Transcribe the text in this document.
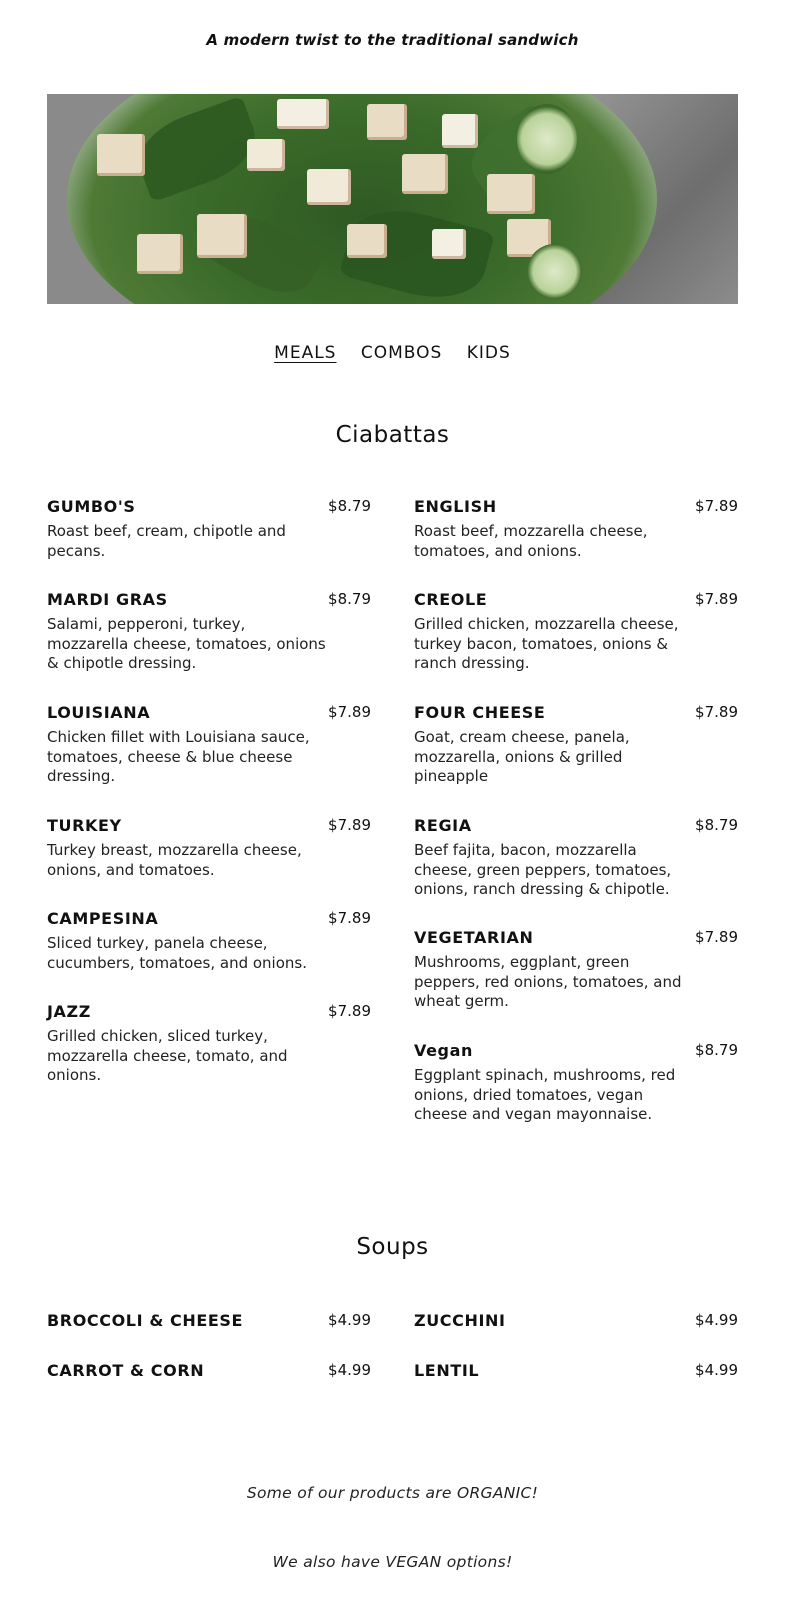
A modern twist to the traditional sandwich
MEALS COMBOS KIDS
Ciabattas
GUMBO'S	$8.79
Roast beef, cream, chipotle and pecans.
MARDI GRAS	$8.79
Salami, pepperoni, turkey, mozzarella cheese, tomatoes, onions & chipotle dressing.
LOUISIANA	$7.89
Chicken fillet with Louisiana sauce, tomatoes, cheese & blue cheese dressing.
TURKEY	$7.89
Turkey breast, mozzarella cheese, onions, and tomatoes.
CAMPESINA	$7.89
Sliced turkey, panela cheese, cucumbers, tomatoes, and onions.
JAZZ	$7.89
Grilled chicken, sliced turkey, mozzarella cheese, tomato, and onions.
ENGLISH	$7.89
Roast beef, mozzarella cheese, tomatoes, and onions.
CREOLE	$7.89
Grilled chicken, mozzarella cheese, turkey bacon, tomatoes, onions & ranch dressing.
FOUR CHEESE	$7.89
Goat, cream cheese, panela, mozzarella, onions & grilled pineapple
REGIA	$8.79
Beef fajita, bacon, mozzarella cheese, green peppers, tomatoes, onions, ranch dressing & chipotle.
VEGETARIAN	$7.89
Mushrooms, eggplant, green peppers, red onions, tomatoes, and wheat germ.
Vegan	$8.79
Eggplant spinach, mushrooms, red onions, dried tomatoes, vegan cheese and vegan mayonnaise.
Soups
BROCCOLI & CHEESE	$4.99
CARROT & CORN	$4.99
ZUCCHINI	$4.99
LENTIL	$4.99
Some of our products are ORGANIC!
We also have VEGAN options!
